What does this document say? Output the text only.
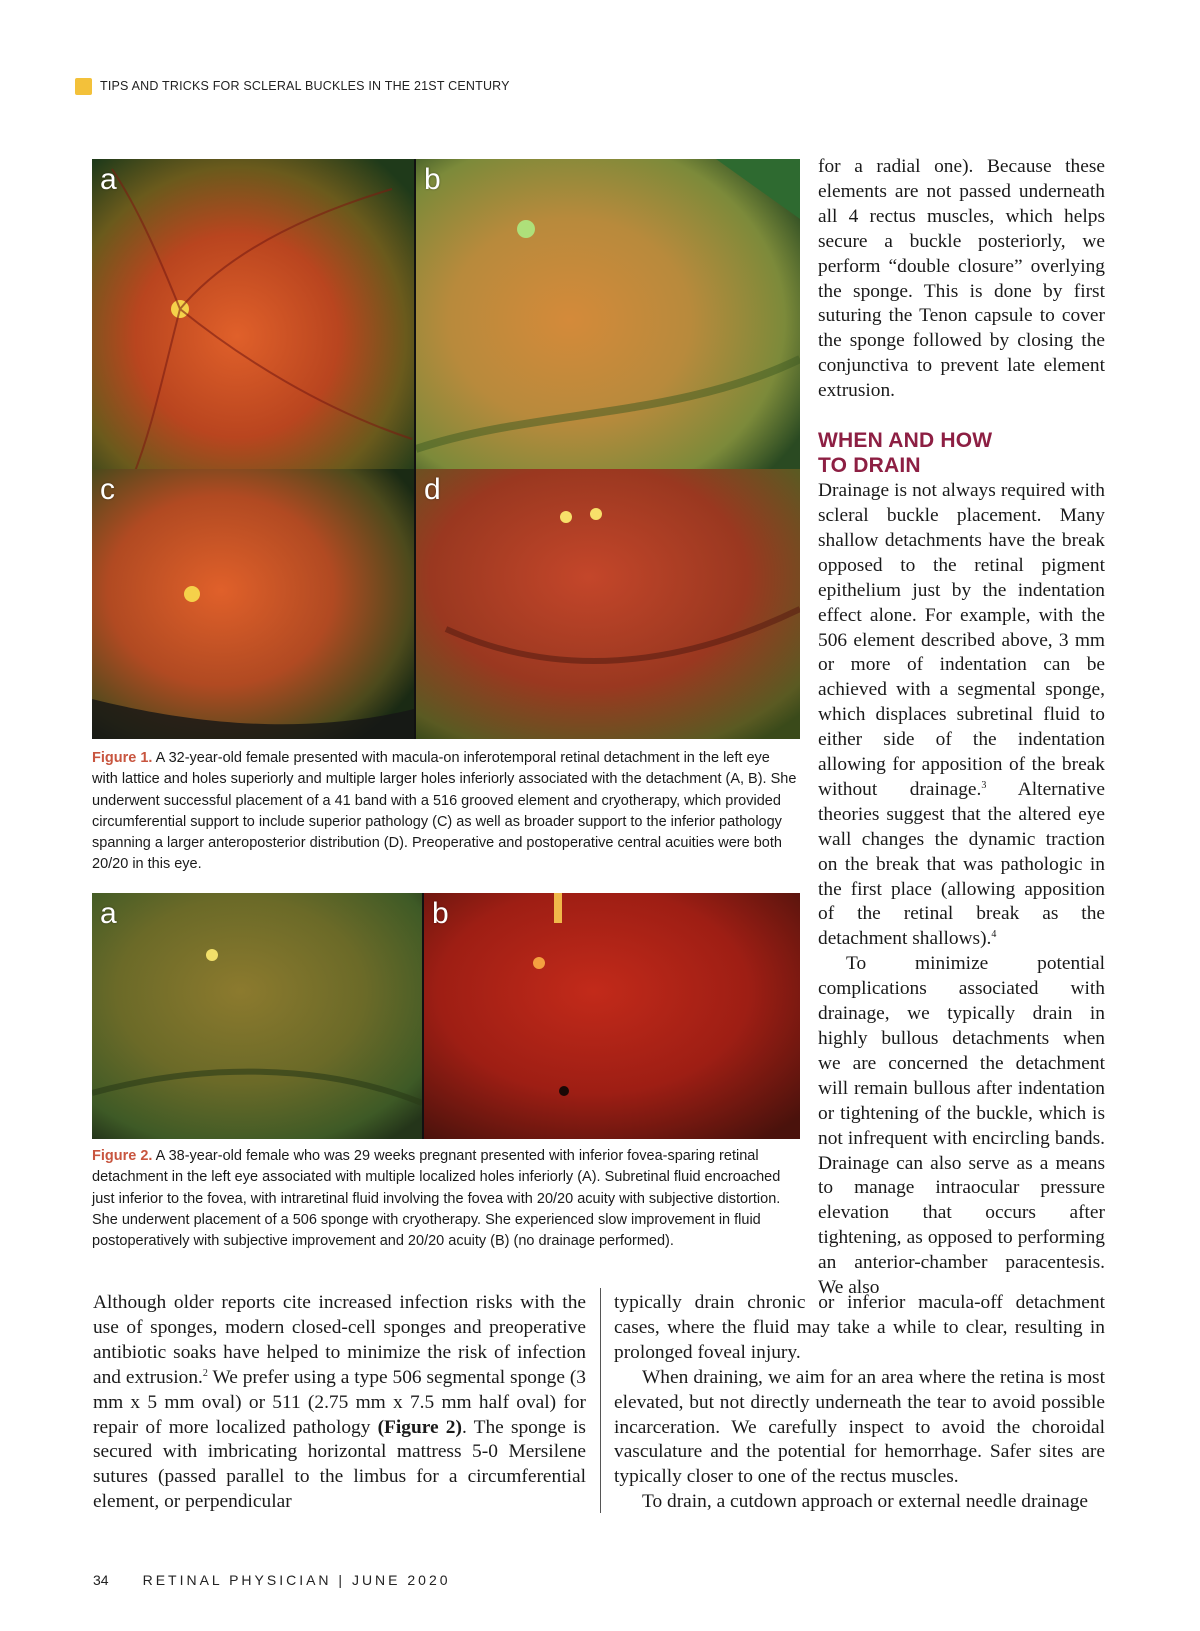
TIPS AND TRICKS FOR SCLERAL BUCKLES IN THE 21ST CENTURY
a	b
c	d
Figure 1. A 32-year-old female presented with macula-on inferotemporal retinal detachment in the left eye with lattice and holes superiorly and multiple larger holes inferiorly associated with the detachment (A, B). She underwent successful placement of a 41 band with a 516 grooved element and cryotherapy, which provided circumferential support to include superior pathology (C) as well as broader support to the inferior pathology spanning a larger anteroposterior distribution (D). Preoperative and postoperative central acuities were both 20/20 in this eye.
a	b
Figure 2. A 38-year-old female who was 29 weeks pregnant presented with inferior fovea-sparing retinal detachment in the left eye associated with multiple localized holes inferiorly (A). Subretinal fluid encroached just inferior to the fovea, with intraretinal fluid involving the fovea with 20/20 acuity with subjective distortion. She underwent placement of a 506 sponge with cryotherapy. She experienced slow improvement in fluid postoperatively with subjective improvement and 20/20 acuity (B) (no drainage performed).

for a radial one). Because these elements are not passed underneath all 4 rectus muscles, which helps secure a buckle posteriorly, we perform “double closure” overlying the sponge. This is done by first suturing the Tenon capsule to cover the sponge followed by closing the conjunctiva to prevent late element extrusion.

WHEN AND HOW
TO DRAIN

Drainage is not always required with scleral buckle placement. Many shallow detachments have the break opposed to the retinal pigment epithelium just by the indentation effect alone. For example, with the 506 element described above, 3 mm or more of indentation can be achieved with a segmental sponge, which displaces subretinal fluid to either side of the indentation allowing for apposition of the break without drainage.$^3$ Alternative theories suggest that the altered eye wall changes the dynamic traction on the break that was pathologic in the first place (allowing apposition of the retinal break as the detachment shallows).$^4$

To minimize potential complications associated with drainage, we typically drain in highly bullous detachments when we are concerned the detachment will remain bullous after indentation or tightening of the buckle, which is not infrequent with encircling bands. Drainage can also serve as a means to manage intraocular pressure elevation that occurs after tightening, as opposed to performing an anterior-chamber paracentesis. We also

Although older reports cite increased infection risks with the use of sponges, modern closed-cell sponges and preoperative antibiotic soaks have helped to minimize the risk of infection and extrusion.$^2$ We prefer using a type 506 segmental sponge (3 mm x 5 mm oval) or 511 (2.75 mm x 7.5 mm half oval) for repair of more localized pathology (Figure 2). The sponge is secured with imbricating horizontal mattress 5-0 Mersilene sutures (passed parallel to the limbus for a circumferential element, or perpendicular

typically drain chronic or inferior macula-off detachment cases, where the fluid may take a while to clear, resulting in prolonged foveal injury.

When draining, we aim for an area where the retina is most elevated, but not directly underneath the tear to avoid possible incarceration. We carefully inspect to avoid the choroidal vasculature and the potential for hemorrhage. Safer sites are typically closer to one of the rectus muscles.

To drain, a cutdown approach or external needle drainage

34 RETINAL PHYSICIAN | JUNE 2020
